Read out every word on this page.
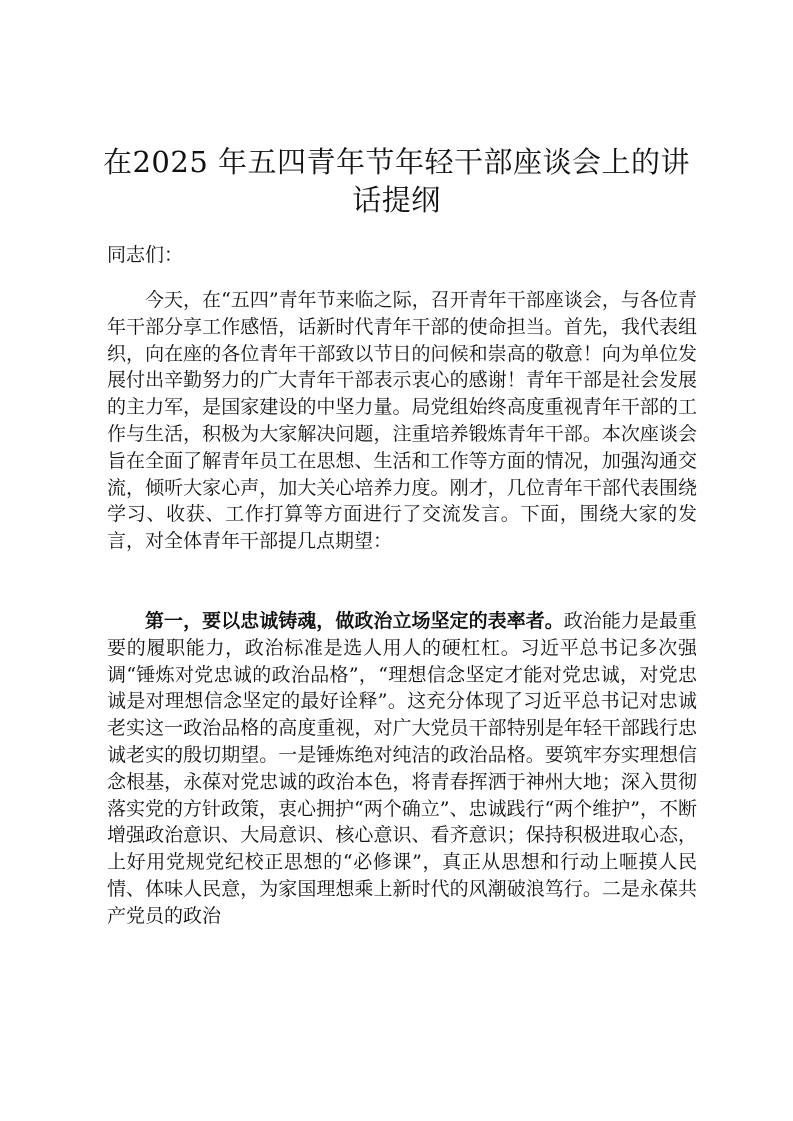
在2025 年五四青年节年轻干部座谈会上的讲话提纲
同志们：

今天，在“五四”青年节来临之际，召开青年干部座谈会，与各位青年干部分享工作感悟，话新时代青年干部的使命担当。首先，我代表组织，向在座的各位青年干部致以节日的问候和崇高的敬意！向为单位发展付出辛勤努力的广大青年干部表示衷心的感谢！青年干部是社会发展的主力军，是国家建设的中坚力量。局党组始终高度重视青年干部的工作与生活，积极为大家解决问题，注重培养锻炼青年干部。本次座谈会旨在全面了解青年员工在思想、生活和工作等方面的情况，加强沟通交流，倾听大家心声，加大关心培养力度。刚才，几位青年干部代表围绕学习、收获、工作打算等方面进行了交流发言。下面，围绕大家的发言，对全体青年干部提几点期望：

第一，要以忠诚铸魂，做政治立场坚定的表率者。政治能力是最重要的履职能力，政治标准是选人用人的硬杠杠。习近平总书记多次强调“锤炼对党忠诚的政治品格”，“理想信念坚定才能对党忠诚，对党忠诚是对理想信念坚定的最好诠释”。这充分体现了习近平总书记对忠诚老实这一政治品格的高度重视，对广大党员干部特别是年轻干部践行忠诚老实的殷切期望。一是锤炼绝对纯洁的政治品格。要筑牢夯实理想信念根基，永葆对党忠诚的政治本色，将青春挥洒于神州大地；深入贯彻落实党的方针政策，衷心拥护“两个确立”、忠诚践行“两个维护”，不断增强政治意识、大局意识、核心意识、看齐意识；保持积极进取心态，上好用党规党纪校正思想的“必修课”，真正从思想和行动上咂摸人民情、体味人民意，为家国理想乘上新时代的风潮破浪笃行。二是永葆共产党员的政治
